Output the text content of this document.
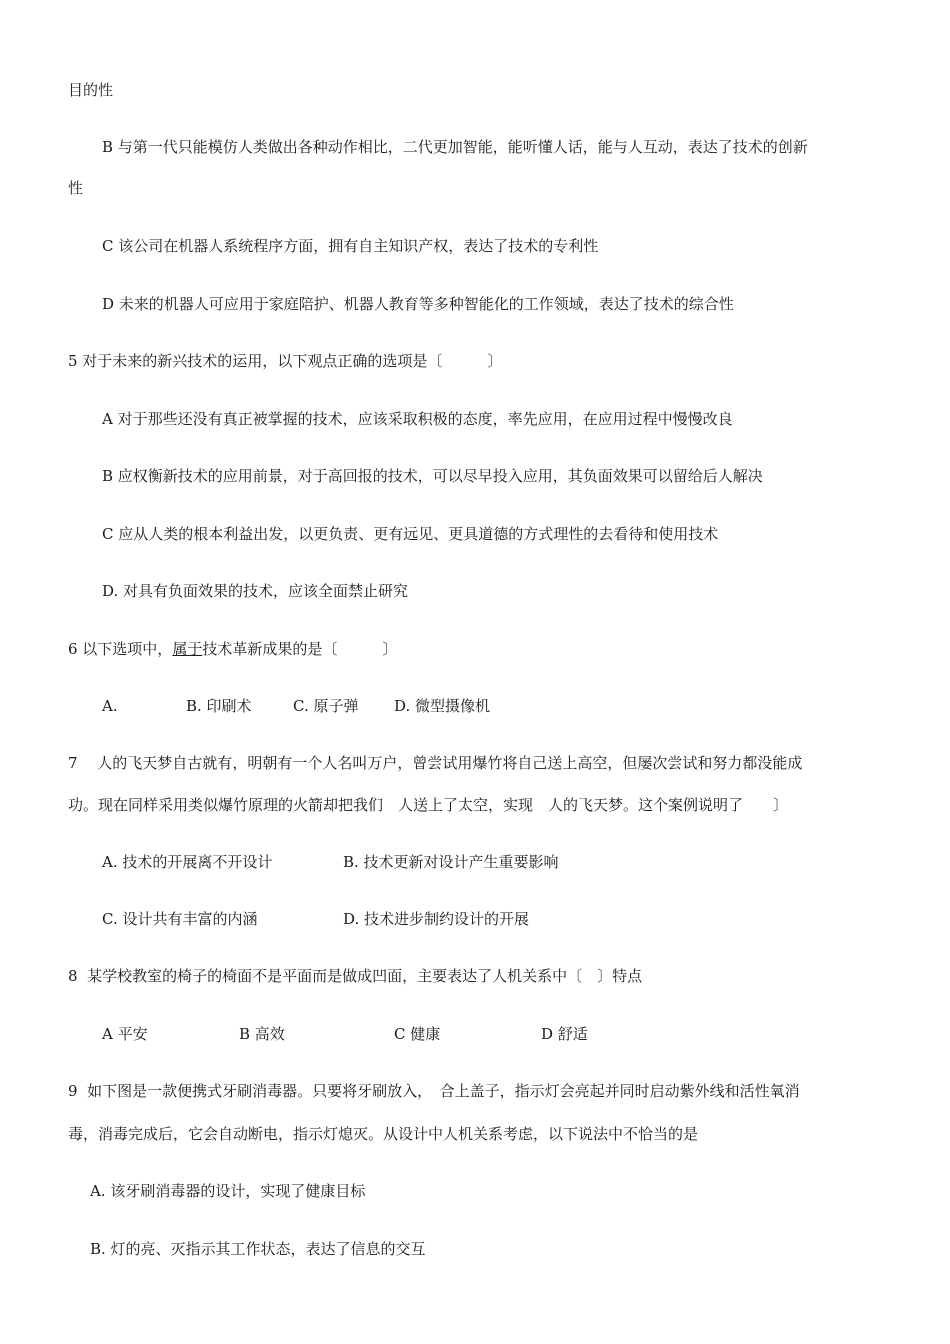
目的性
B 与第一代只能模仿人类做出各种动作相比，二代更加智能，能听懂人话，能与人互动，表达了技术的创新
性
C 该公司在机器人系统程序方面，拥有自主知识产权，表达了技术的专利性
D 未来的机器人可应用于家庭陪护、机器人教育等多种智能化的工作领域，表达了技术的综合性
5 对于未来的新兴技术的运用，以下观点正确的选项是〔　　　〕
A 对于那些还没有真正被掌握的技术，应该采取积极的态度，率先应用，在应用过程中慢慢改良
B 应权衡新技术的应用前景，对于高回报的技术，可以尽早投入应用，其负面效果可以留给后人解决
C 应从人类的根本利益出发，以更负责、更有远见、更具道德的方式理性的去看待和使用技术
D. 对具有负面效果的技术，应该全面禁止研究
6 以下选项中，属于技术革新成果的是〔　　　〕
A.	B. 印刷术	C. 原子弹 D. 微型摄像机
7　 人的飞天梦自古就有，明朝有一个人名叫万户，曾尝试用爆竹将自己送上高空，但屡次尝试和努力都没能成
功。现在同样采用类似爆竹原理的火箭却把我们　人送上了太空，实现　人的飞天梦。这个案例说明了　　〕
A. 技术的开展离不开设计	B. 技术更新对设计产生重要影响
C. 设计共有丰富的内涵	D. 技术进步制约设计的开展
8  某学校教室的椅子的椅面不是平面而是做成凹面，主要表达了人机关系中〔　〕特点
A 平安	B 高效	C 健康	D 舒适
9  如下图是一款便携式牙刷消毒器。只要将牙刷放入，　合上盖子，指示灯会亮起并同时启动紫外线和活性氧消
毒，消毒完成后，它会自动断电，指示灯熄灭。从设计中人机关系考虑，以下说法中不恰当的是
A. 该牙刷消毒器的设计，实现了健康目标
B. 灯的亮、灭指示其工作状态，表达了信息的交互
